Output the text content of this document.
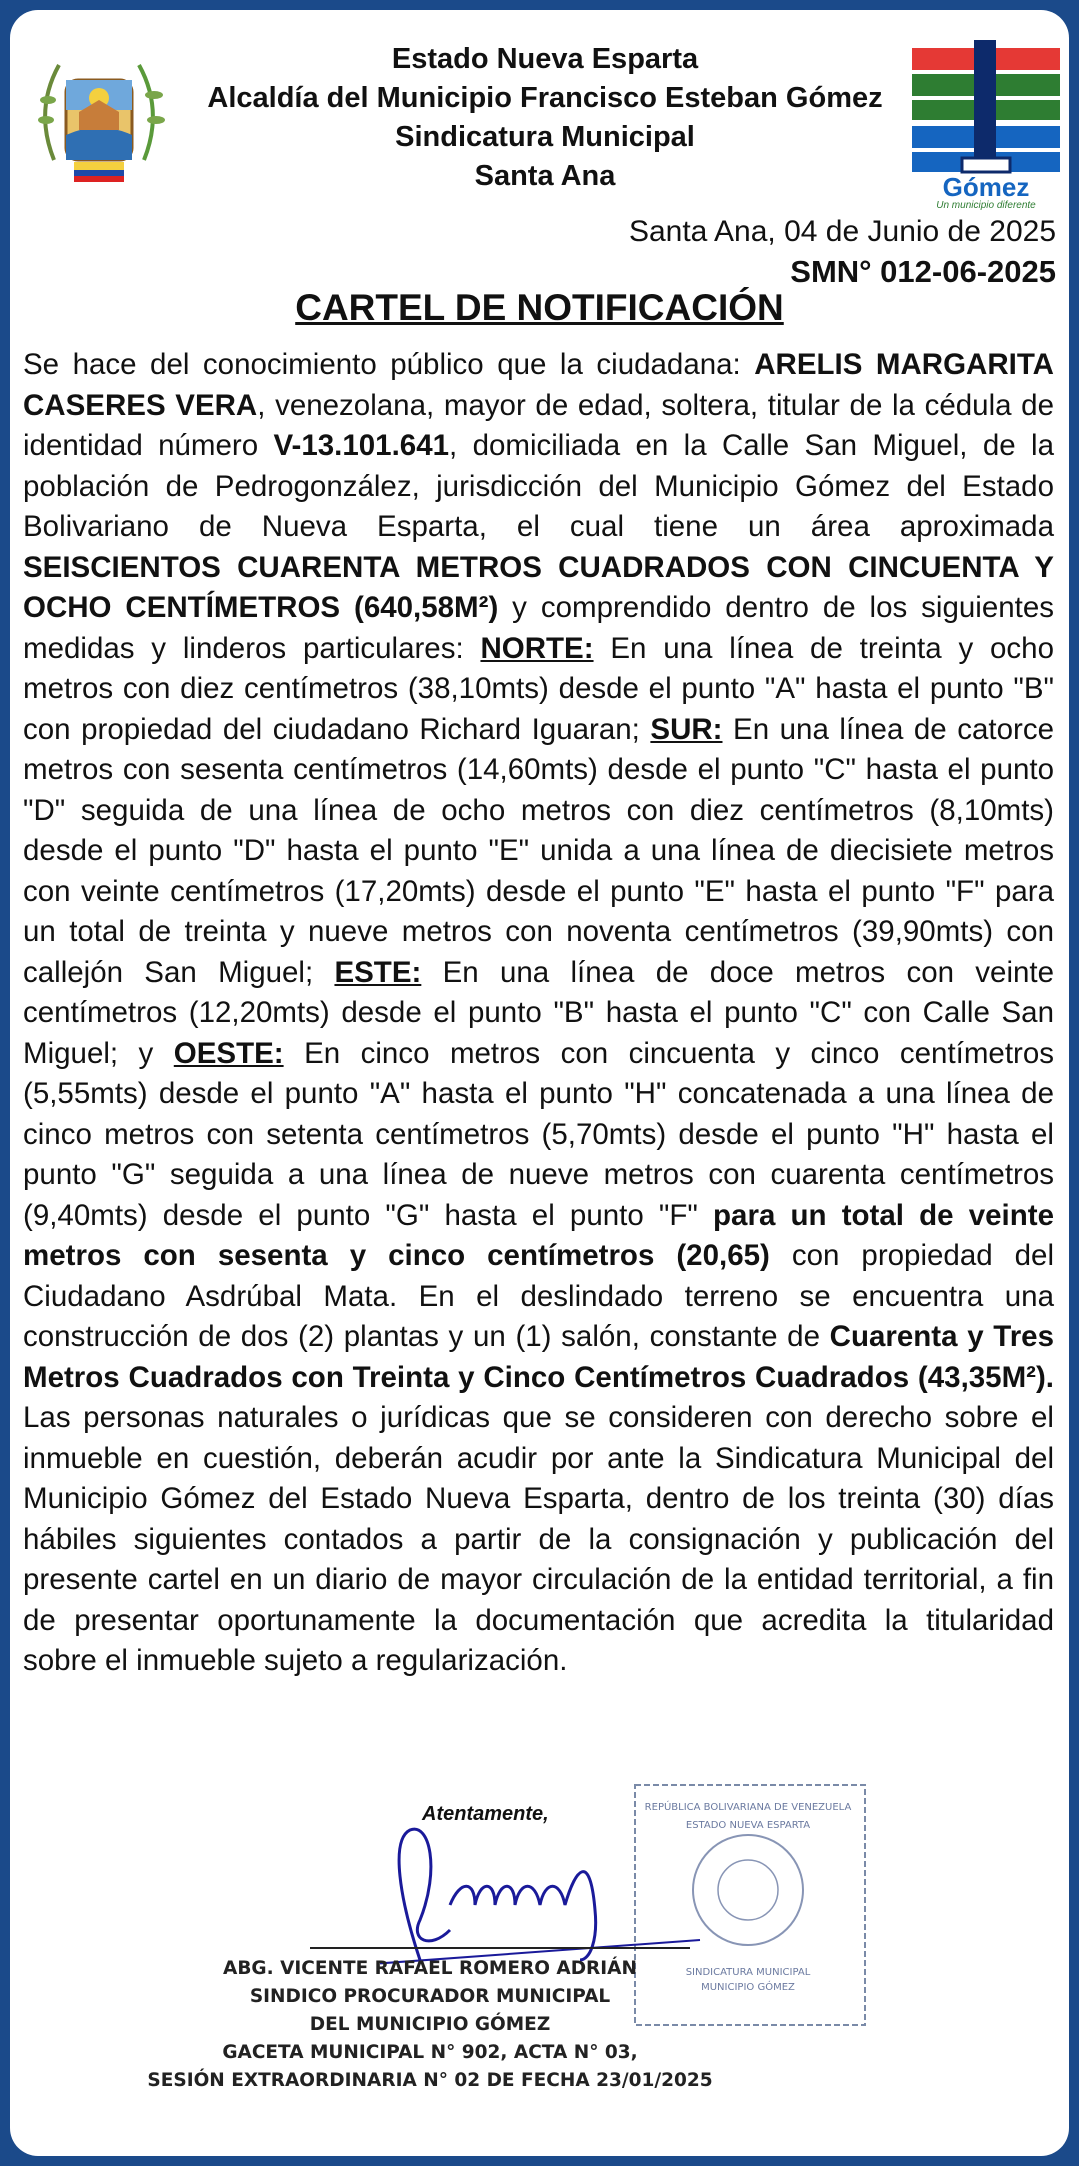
Estado Nueva Esparta
Alcaldía del Municipio Francisco Esteban Gómez
Sindicatura Municipal
Santa Ana	Gómez
Un municipio diferente
Santa Ana, 04 de Junio de 2025
SMN° 012-06-2025
CARTEL DE NOTIFICACIÓN
Se hace del conocimiento público que la ciudadana: ARELIS MARGARITA CASERES VERA, venezolana, mayor de edad, soltera, titular de la cédula de identidad número V-13.101.641, domiciliada en la Calle San Miguel, de la población de Pedrogonzález, jurisdicción del Municipio Gómez del Estado Bolivariano de Nueva Esparta, el cual tiene un área aproximada SEISCIENTOS CUARENTA METROS CUADRADOS CON CINCUENTA Y OCHO CENTÍMETROS (640,58M²) y comprendido dentro de los siguientes medidas y linderos particulares: NORTE: En una línea de treinta y ocho metros con diez centímetros (38,10mts) desde el punto "A" hasta el punto "B" con propiedad del ciudadano Richard Iguaran; SUR: En una línea de catorce metros con sesenta centímetros (14,60mts) desde el punto "C" hasta el punto "D" seguida de una línea de ocho metros con diez centímetros (8,10mts) desde el punto "D" hasta el punto "E" unida a una línea de diecisiete metros con veinte centímetros (17,20mts) desde el punto "E" hasta el punto "F" para un total de treinta y nueve metros con noventa centímetros (39,90mts) con callejón San Miguel; ESTE: En una línea de doce metros con veinte centímetros (12,20mts) desde el punto "B" hasta el punto "C" con Calle San Miguel; y OESTE: En cinco metros con cincuenta y cinco centímetros (5,55mts) desde el punto "A" hasta el punto "H" concatenada a una línea de cinco metros con setenta centímetros (5,70mts) desde el punto "H" hasta el punto "G" seguida a una línea de nueve metros con cuarenta centímetros (9,40mts) desde el punto "G" hasta el punto "F" para un total de veinte metros con sesenta y cinco centímetros (20,65) con propiedad del Ciudadano Asdrúbal Mata. En el deslindado terreno se encuentra una construcción de dos (2) plantas y un (1) salón, constante de Cuarenta y Tres Metros Cuadrados con Treinta y Cinco Centímetros Cuadrados (43,35M²). Las personas naturales o jurídicas que se consideren con derecho sobre el inmueble en cuestión, deberán acudir por ante la Sindicatura Municipal del Municipio Gómez del Estado Nueva Esparta, dentro de los treinta (30) días hábiles siguientes contados a partir de la consignación y publicación del presente cartel en un diario de mayor circulación de la entidad territorial, a fin de presentar oportunamente la documentación que acredita la titularidad sobre el inmueble sujeto a regularización.
Atentamente,	REPÚBLICA BOLIVARIANA DE VENEZUELA
ESTADO NUEVA ESPARTA
SINDICATURA MUNICIPAL
MUNICIPIO GÓMEZ
ABG. VICENTE RAFAEL ROMERO ADRIÁN
SINDICO PROCURADOR MUNICIPAL
DEL MUNICIPIO GÓMEZ
GACETA MUNICIPAL N° 902, ACTA N° 03,
SESIÓN EXTRAORDINARIA N° 02 DE FECHA 23/01/2025
